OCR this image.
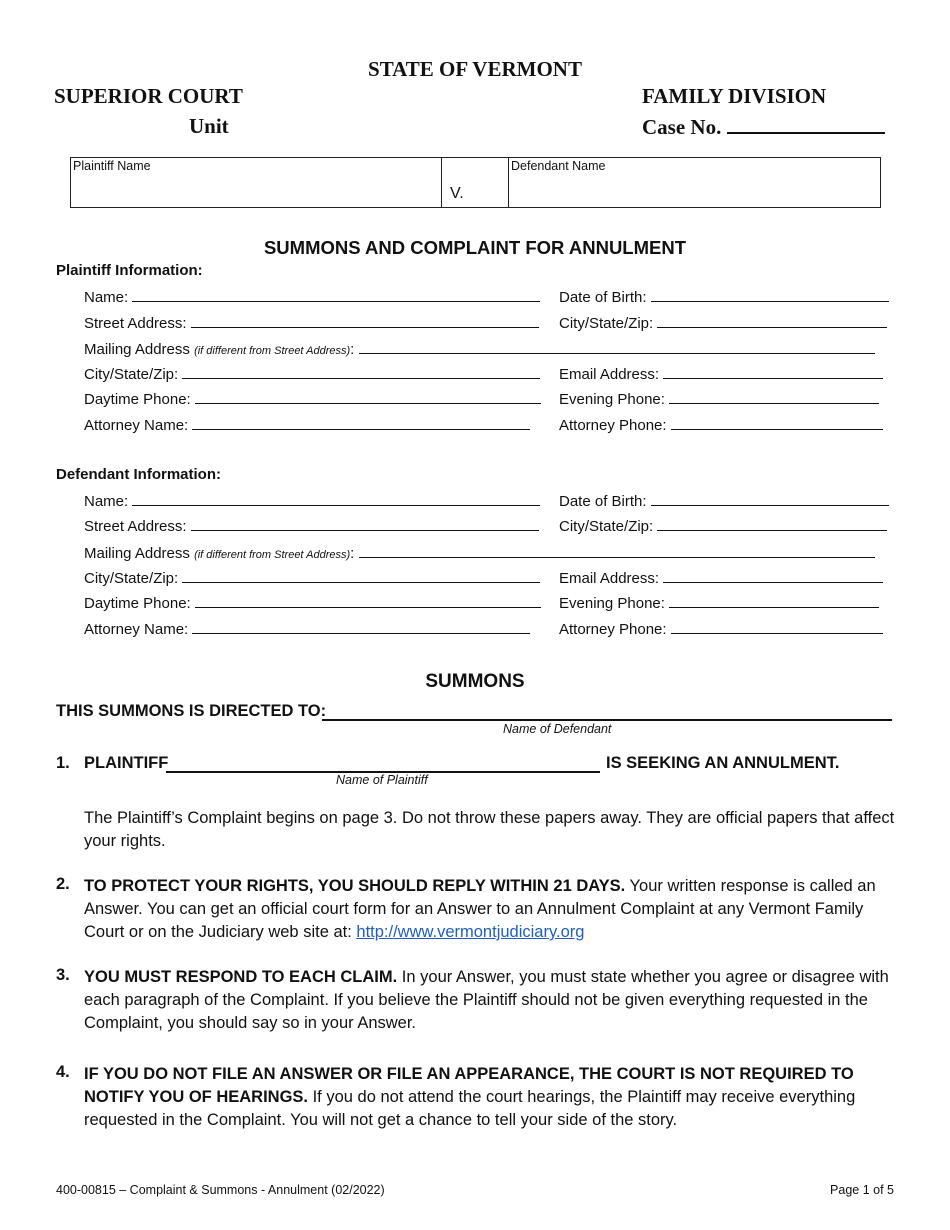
STATE OF VERMONT
SUPERIOR COURT
Unit
FAMILY DIVISION
Case No.
Plaintiff Name	V.	Defendant Name
SUMMONS AND COMPLAINT FOR ANNULMENT
Plaintiff Information:
Name:	Date of Birth:
Street Address:	City/State/Zip:
Mailing Address (if different from Street Address):
City/State/Zip:	Email Address:
Daytime Phone:	Evening Phone:
Attorney Name:	Attorney Phone:
Defendant Information:
Name:	Date of Birth:
Street Address:	City/State/Zip:
Mailing Address (if different from Street Address):
City/State/Zip:	Email Address:
Daytime Phone:	Evening Phone:
Attorney Name:	Attorney Phone:
SUMMONS
THIS SUMMONS IS DIRECTED TO:
Name of Defendant
1. PLAINTIFF	IS SEEKING AN ANNULMENT.
Name of Plaintiff
The Plaintiff’s Complaint begins on page 3. Do not throw these papers away. They are official papers that affect your rights.
2. TO PROTECT YOUR RIGHTS, YOU SHOULD REPLY WITHIN 21 DAYS. Your written response is called an Answer. You can get an official court form for an Answer to an Annulment Complaint at any Vermont Family Court or on the Judiciary web site at: http://www.vermontjudiciary.org
3. YOU MUST RESPOND TO EACH CLAIM. In your Answer, you must state whether you agree or disagree with each paragraph of the Complaint. If you believe the Plaintiff should not be given everything requested in the Complaint, you should say so in your Answer.
4. IF YOU DO NOT FILE AN ANSWER OR FILE AN APPEARANCE, THE COURT IS NOT REQUIRED TO NOTIFY YOU OF HEARINGS. If you do not attend the court hearings, the Plaintiff may receive everything requested in the Complaint. You will not get a chance to tell your side of the story.
400-00815 – Complaint & Summons - Annulment (02/2022)	Page 1 of 5
